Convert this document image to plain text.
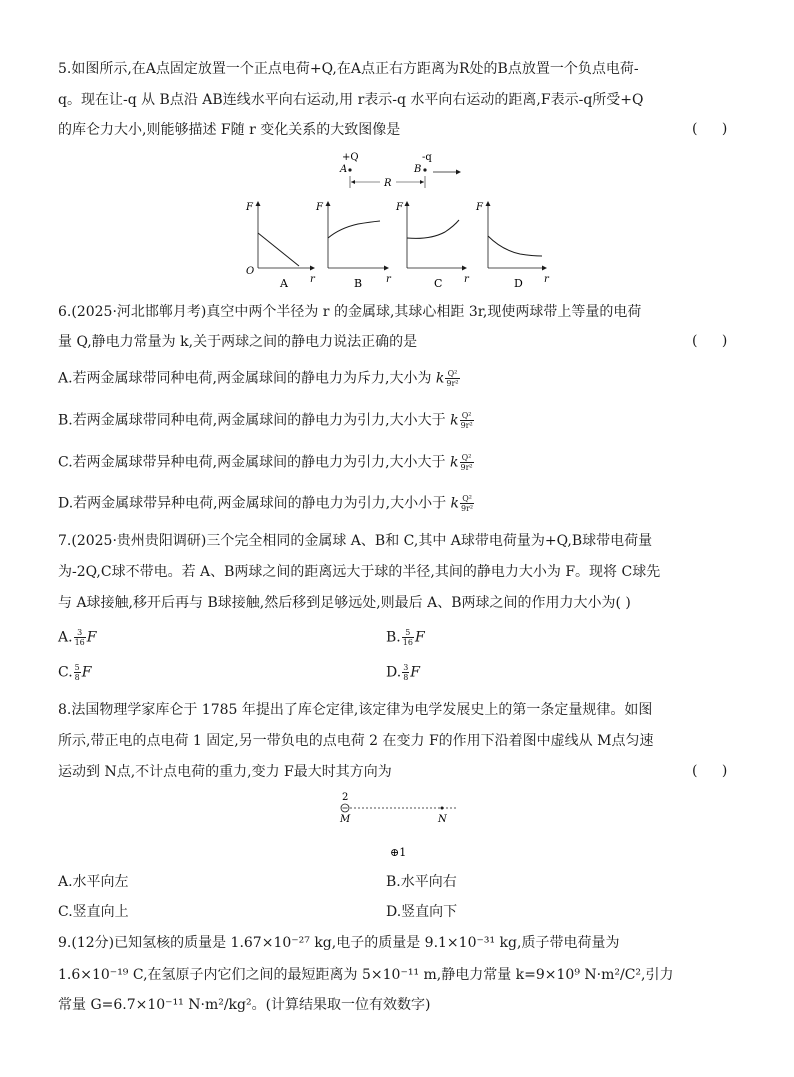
5.如图所示,在A点固定放置一个正点电荷+Q,在A点正右方距离为R处的B点放置一个负点电荷-
q。现在让-q 从 B点沿 AB连线水平向右运动,用 r表示-q 水平向右运动的距离,F表示-q所受+Q
的库仑力大小,则能够描述 F随 r 变化关系的大致图像是	( )
+Q
A
-q
B
R
F
O
r
A
F
r
B
F
r
C
F
r
D
6.(2025·河北邯郸月考)真空中两个半径为 r 的金属球,其球心相距 3r,现使两球带上等量的电荷
量 Q,静电力常量为 k,关于两球之间的静电力说法正确的是	( )
A.若两金属球带同种电荷,两金属球间的静电力为斥力,大小为 k $\frac{\text{Q²}}{\text{9r²}}$
B.若两金属球带同种电荷,两金属球间的静电力为引力,大小大于 k $\frac{\text{Q²}}{\text{9r²}}$
C.若两金属球带异种电荷,两金属球间的静电力为引力,大小大于 k $\frac{\text{Q²}}{\text{9r²}}$
D.若两金属球带异种电荷,两金属球间的静电力为引力,大小小于 k $\frac{\text{Q²}}{\text{9r²}}$
7.(2025·贵州贵阳调研)三个完全相同的金属球 A、B和 C,其中 A球带电荷量为+Q,B球带电荷量
为-2Q,C球不带电。若 A、B两球之间的距离远大于球的半径,其间的静电力大小为 F。现将 C球先
与 A球接触,移开后再与 B球接触,然后移到足够远处,则最后 A、B两球之间的作用力大小为( )
A. $\frac{3}{16}$ F	B. $\frac{5}{16}$ F
C. $\frac{5}{8}$ F	D. $\frac{3}{8}$ F
8.法国物理学家库仑于 1785 年提出了库仑定律,该定律为电学发展史上的第一条定量规律。如图
所示,带正电的点电荷 1 固定,另一带负电的点电荷 2 在变力 F的作用下沿着图中虚线从 M点匀速
运动到 N点,不计点电荷的重力,变力 F最大时其方向为	( )
2
M	N
⊕1
A.水平向左	B.水平向右
C.竖直向上	D.竖直向下
9.(12分)已知氢核的质量是 1.67×10⁻²⁷ kg,电子的质量是 9.1×10⁻³¹ kg,质子带电荷量为
1.6×10⁻¹⁹ C,在氢原子内它们之间的最短距离为 5×10⁻¹¹ m,静电力常量 k=9×10⁹ N·m²/C²,引力
常量 G=6.7×10⁻¹¹ N·m²/kg²。(计算结果取一位有效数字)
